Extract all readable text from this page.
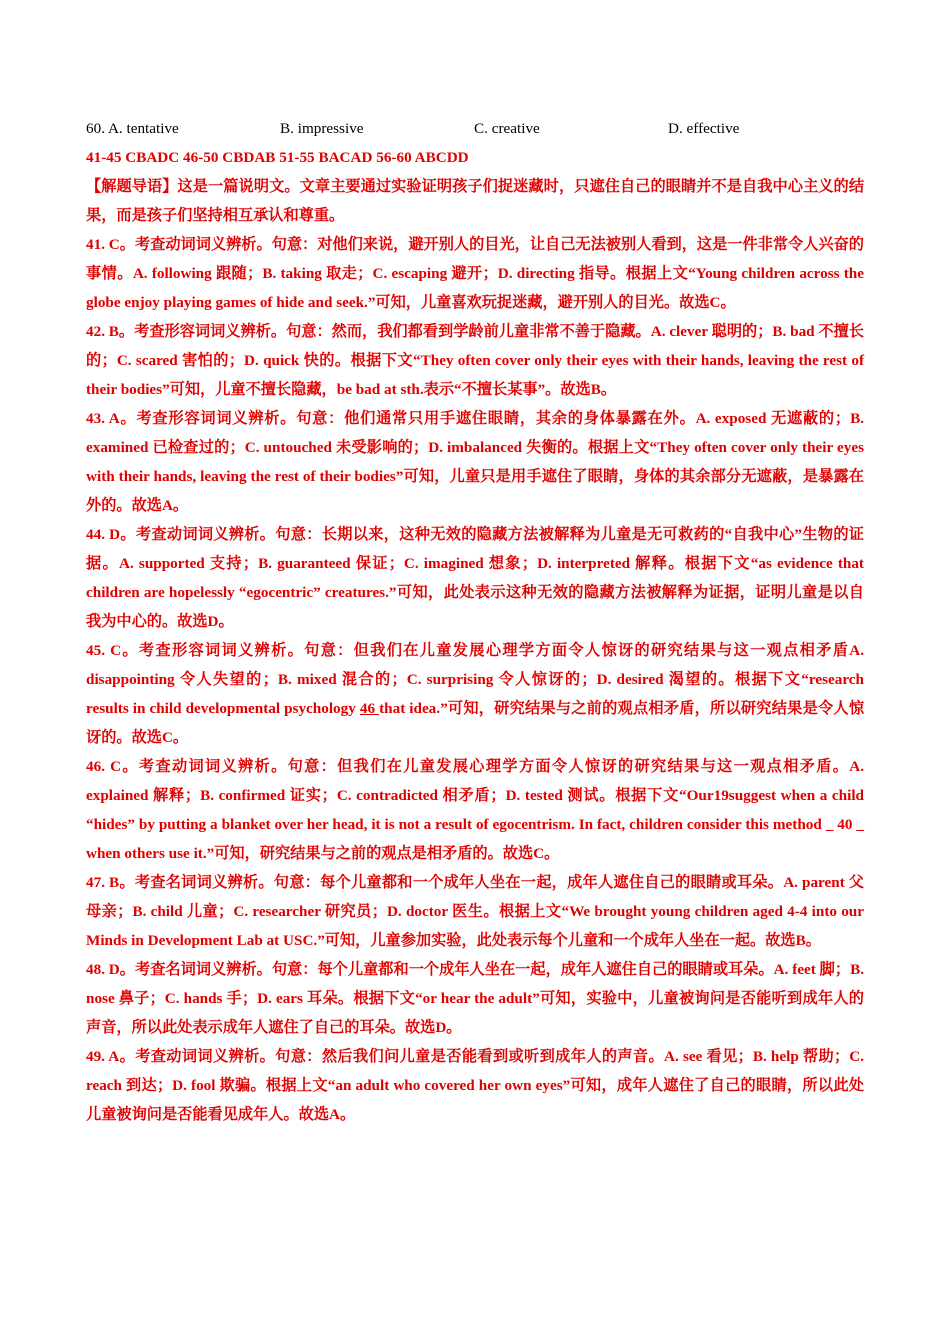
60. A. tentative	B. impressive	C. creative	D. effective

41-45 CBADC 46-50 CBDAB 51-55 BACAD 56-60 ABCDD

【解题导语】这是一篇说明文。文章主要通过实验证明孩子们捉迷藏时，只遮住自己的眼睛并不是自我中心主义的结果，而是孩子们坚持相互承认和尊重。

41. C。考查动词词义辨析。句意：对他们来说，避开别人的目光，让自己无法被别人看到，这是一件非常令人兴奋的事情。A. following 跟随；B. taking 取走；C. escaping 避开；D. directing 指导。根据上文“Young children across the globe enjoy playing games of hide and seek.”可知，儿童喜欢玩捉迷藏，避开别人的目光。故选C。

42. B。考查形容词词义辨析。句意：然而，我们都看到学龄前儿童非常不善于隐藏。A. clever 聪明的；B. bad 不擅长的；C. scared 害怕的；D. quick 快的。根据下文“They often cover only their eyes with their hands, leaving the rest of their bodies”可知，儿童不擅长隐藏，be bad at sth.表示“不擅长某事”。故选B。

43. A。考查形容词词义辨析。句意：他们通常只用手遮住眼睛，其余的身体暴露在外。A. exposed 无遮蔽的；B. examined 已检查过的；C. untouched 未受影响的；D. imbalanced 失衡的。根据上文“They often cover only their eyes with their hands, leaving the rest of their bodies”可知，儿童只是用手遮住了眼睛，身体的其余部分无遮蔽，是暴露在外的。故选A。

44. D。考查动词词义辨析。句意：长期以来，这种无效的隐藏方法被解释为儿童是无可救药的“自我中心”生物的证据。A. supported 支持；B. guaranteed 保证；C. imagined 想象；D. interpreted 解释。根据下文“as evidence that children are hopelessly “egocentric” creatures.”可知，此处表示这种无效的隐藏方法被解释为证据，证明儿童是以自我为中心的。故选D。

45. C。考查形容词词义辨析。句意：但我们在儿童发展心理学方面令人惊讶的研究结果与这一观点相矛盾A. disappointing 令人失望的；B. mixed 混合的；C. surprising 令人惊讶的；D. desired 渴望的。根据下文“research results in child developmental psychology 46 that idea.”可知，研究结果与之前的观点相矛盾，所以研究结果是令人惊讶的。故选C。

46. C。考查动词词义辨析。句意：但我们在儿童发展心理学方面令人惊讶的研究结果与这一观点相矛盾。A. explained 解释；B. confirmed 证实；C. contradicted 相矛盾；D. tested 测试。根据下文“Our19suggest when a child “hides” by putting a blanket over her head, it is not a result of egocentrism. In fact, children consider this method _ 40 _ when others use it.”可知，研究结果与之前的观点是相矛盾的。故选C。

47. B。考查名词词义辨析。句意：每个儿童都和一个成年人坐在一起，成年人遮住自己的眼睛或耳朵。A. parent 父母亲；B. child 儿童；C. researcher 研究员；D. doctor 医生。根据上文“We brought young children aged 4-4 into our Minds in Development Lab at USC.”可知，儿童参加实验，此处表示每个儿童和一个成年人坐在一起。故选B。

48. D。考查名词词义辨析。句意：每个儿童都和一个成年人坐在一起，成年人遮住自己的眼睛或耳朵。A. feet 脚；B. nose 鼻子；C. hands 手；D. ears 耳朵。根据下文“or hear the adult”可知，实验中，儿童被询问是否能听到成年人的声音，所以此处表示成年人遮住了自己的耳朵。故选D。

49. A。考查动词词义辨析。句意：然后我们问儿童是否能看到或听到成年人的声音。A. see 看见；B. help 帮助；C. reach 到达；D. fool 欺骗。根据上文“an adult who covered her own eyes”可知，成年人遮住了自己的眼睛，所以此处儿童被询问是否能看见成年人。故选A。
